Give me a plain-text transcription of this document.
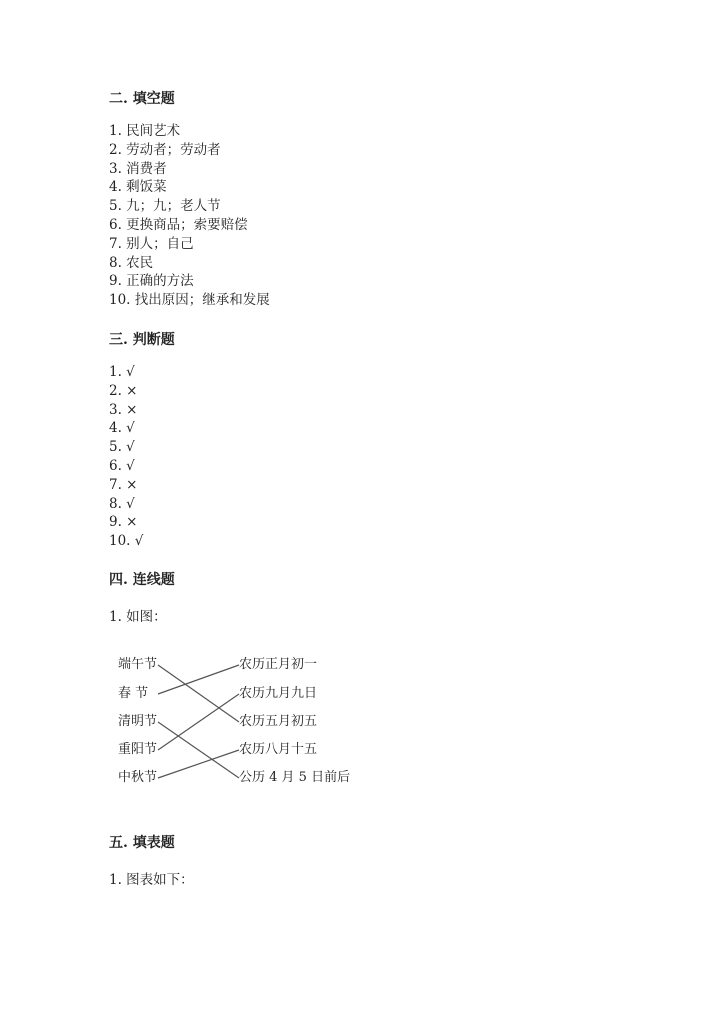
二. 填空题
1. 民间艺术
2. 劳动者；劳动者
3. 消费者
4. 剩饭菜
5. 九；九；老人节
6. 更换商品；索要赔偿
7. 别人；自己
8. 农民
9. 正确的方法
10. 找出原因；继承和发展
三. 判断题
1. √
2. ×
3. ×
4. √
5. √
6. √
7. ×
8. √
9. ×
10. √
四. 连线题
1. 如图：
端午节
春 节
清明节
重阳节
中秋节
农历正月初一
农历九月九日
农历五月初五
农历八月十五
公历 4 月 5 日前后
五. 填表题
1. 图表如下：
